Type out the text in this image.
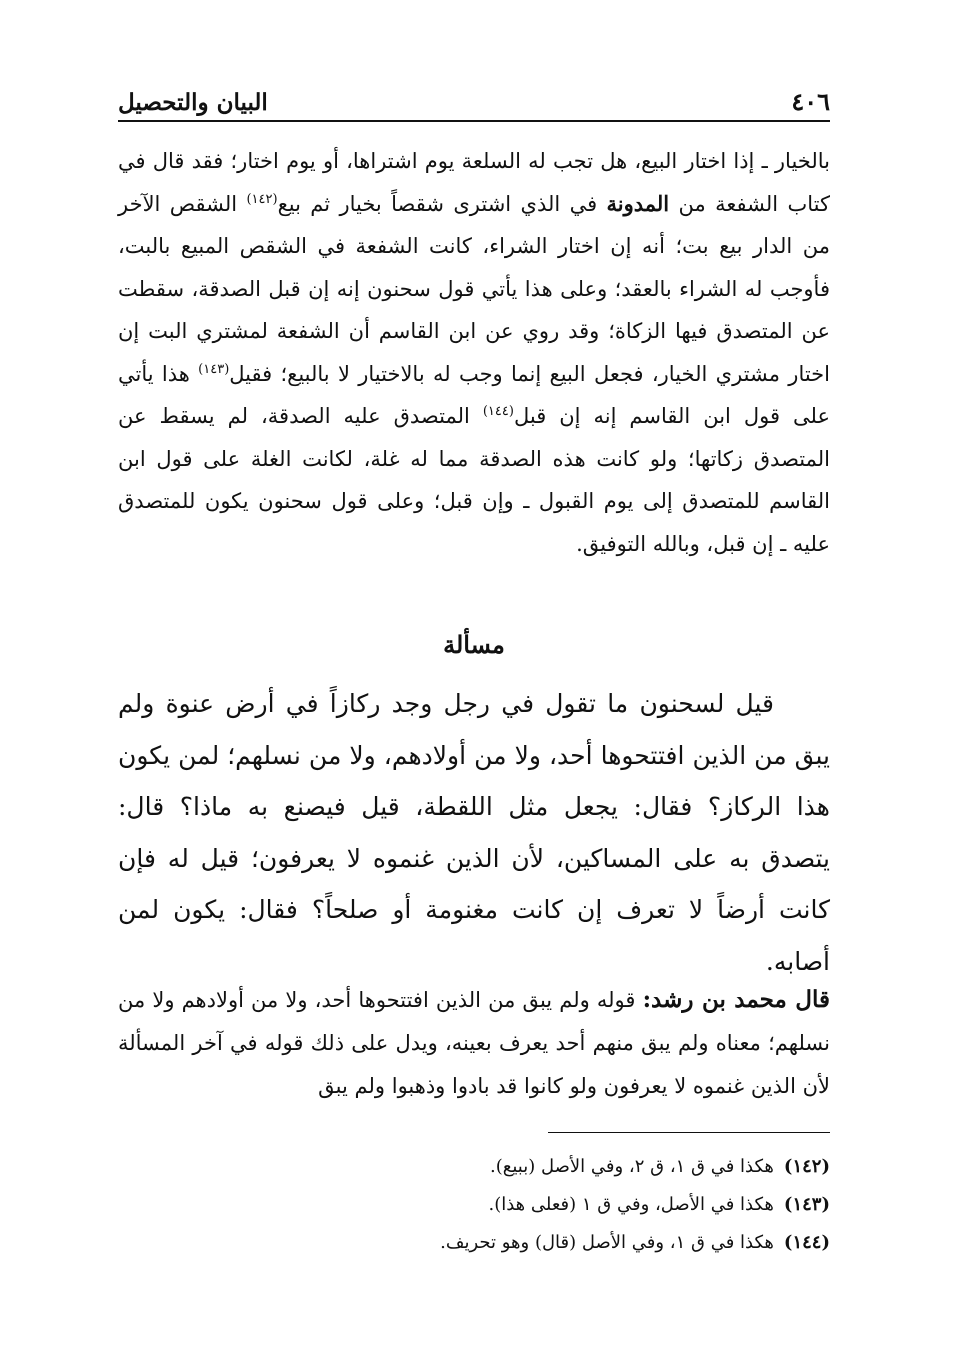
٤٠٦
البيان والتحصيل

بالخيار ـ إذا اختار البيع، هل تجب له السلعة يوم اشتراها، أو يوم اختار؛ فقد قال في كتاب الشفعة من المدونة في الذي اشترى شقصاً بخيار ثم بيع$^{(١٤٢)}$ الشقص الآخر من الدار بيع بت؛ أنه إن اختار الشراء، كانت الشفعة في الشقص المبيع بالبت، فأوجب له الشراء بالعقد؛ وعلى هذا يأتي قول سحنون إنه إن قبل الصدقة، سقطت عن المتصدق فيها الزكاة؛ وقد روي عن ابن القاسم أن الشفعة لمشتري البت إن اختار مشتري الخيار، فجعل البيع إنما وجب له بالاختيار لا بالبيع؛ فقيل$^{(١٤٣)}$ هذا يأتي على قول ابن القاسم إنه إن قبل$^{(١٤٤)}$ المتصدق عليه الصدقة، لم يسقط عن المتصدق زكاتها؛ ولو كانت هذه الصدقة مما له غلة، لكانت الغلة على قول ابن القاسم للمتصدق إلى يوم القبول ـ وإن قبل؛ وعلى قول سحنون يكون للمتصدق عليه ـ إن قبل، وبالله التوفيق.

مسألة

قيل لسحنون ما تقول في رجل وجد ركازاً في أرض عنوة ولم يبق من الذين افتتحوها أحد، ولا من أولادهم، ولا من نسلهم؛ لمن يكون هذا الركاز؟ فقال: يجعل مثل اللقطة، قيل فيصنع به ماذا؟ قال: يتصدق به على المساكين، لأن الذين غنموه لا يعرفون؛ قيل له فإن كانت أرضاً لا تعرف إن كانت مغنومة أو صلحاً؟ فقال: يكون لمن أصابه.

قال محمد بن رشد: قوله ولم يبق من الذين افتتحوها أحد، ولا من أولادهم ولا من نسلهم؛ معناه ولم يبق منهم أحد يعرف بعينه، ويدل على ذلك قوله في آخر المسألة لأن الذين غنموه لا يعرفون ولو كانوا قد بادوا وذهبوا ولم يبق

(١٤٢)هكذا في ق ١، ق ٢، وفي الأصل (ببيع).
(١٤٣)هكذا في الأصل، وفي ق ١ (فعلى هذا).
(١٤٤)هكذا في ق ١، وفي الأصل (قال) وهو تحريف.
